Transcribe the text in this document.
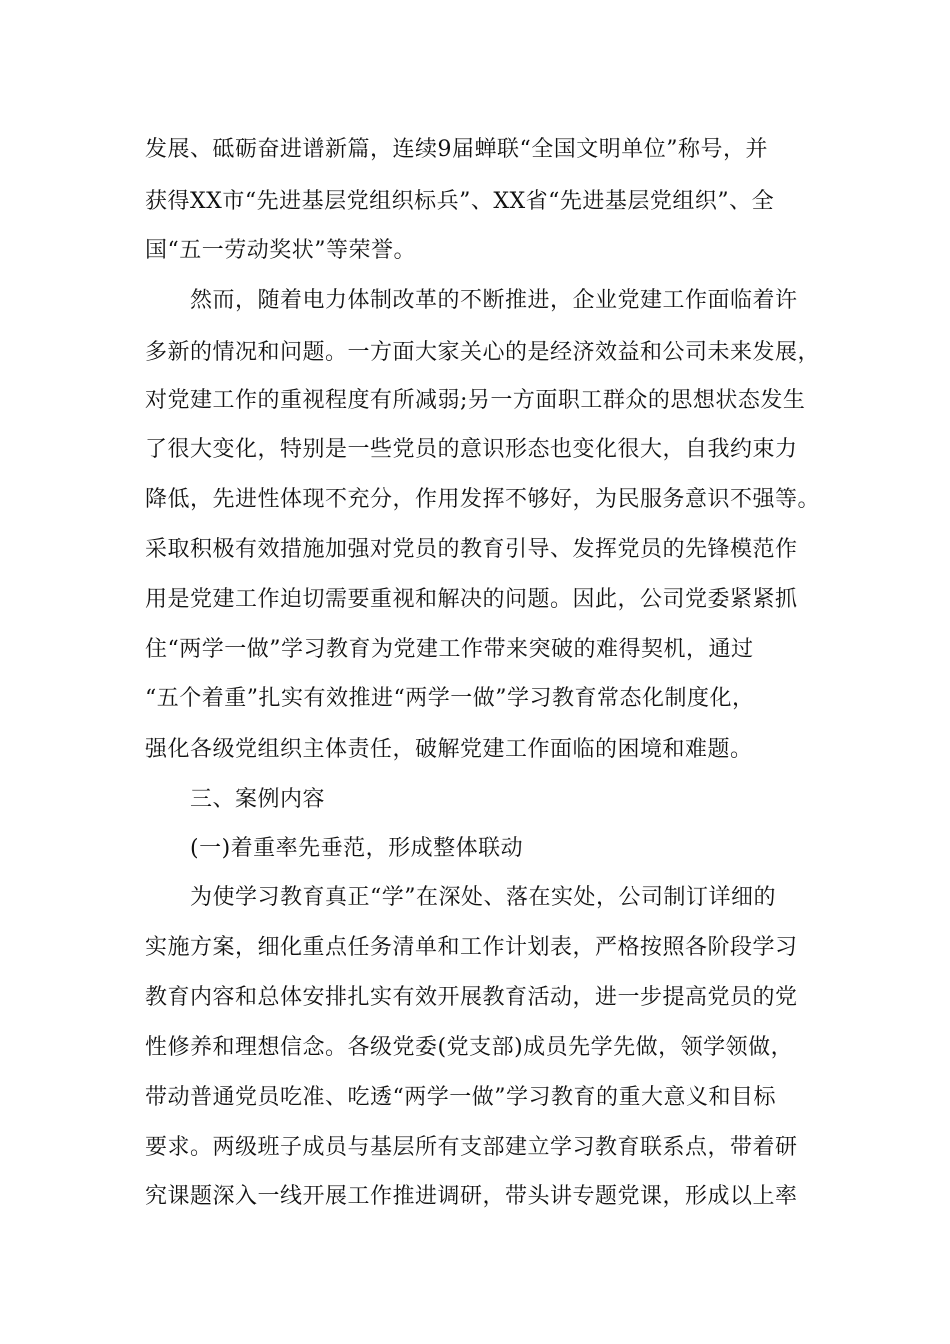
发展、砥砺奋进谱新篇，连续9届蝉联“全国文明单位”称号，并
获得XX市“先进基层党组织标兵”、XX省“先进基层党组织”、全
国“五一劳动奖状”等荣誉。
然而，随着电力体制改革的不断推进，企业党建工作面临着许
多新的情况和问题。一方面大家关心的是经济效益和公司未来发展，
对党建工作的重视程度有所减弱;另一方面职工群众的思想状态发生
了很大变化，特别是一些党员的意识形态也变化很大，自我约束力
降低，先进性体现不充分，作用发挥不够好，为民服务意识不强等。
采取积极有效措施加强对党员的教育引导、发挥党员的先锋模范作
用是党建工作迫切需要重视和解决的问题。因此，公司党委紧紧抓
住“两学一做”学习教育为党建工作带来突破的难得契机，通过
“五个着重”扎实有效推进“两学一做”学习教育常态化制度化，
强化各级党组织主体责任，破解党建工作面临的困境和难题。
三、案例内容
(一)着重率先垂范，形成整体联动
为使学习教育真正“学”在深处、落在实处，公司制订详细的
实施方案，细化重点任务清单和工作计划表，严格按照各阶段学习
教育内容和总体安排扎实有效开展教育活动，进一步提高党员的党
性修养和理想信念。各级党委(党支部)成员先学先做，领学领做，
带动普通党员吃准、吃透“两学一做”学习教育的重大意义和目标
要求。两级班子成员与基层所有支部建立学习教育联系点，带着研
究课题深入一线开展工作推进调研，带头讲专题党课，形成以上率
